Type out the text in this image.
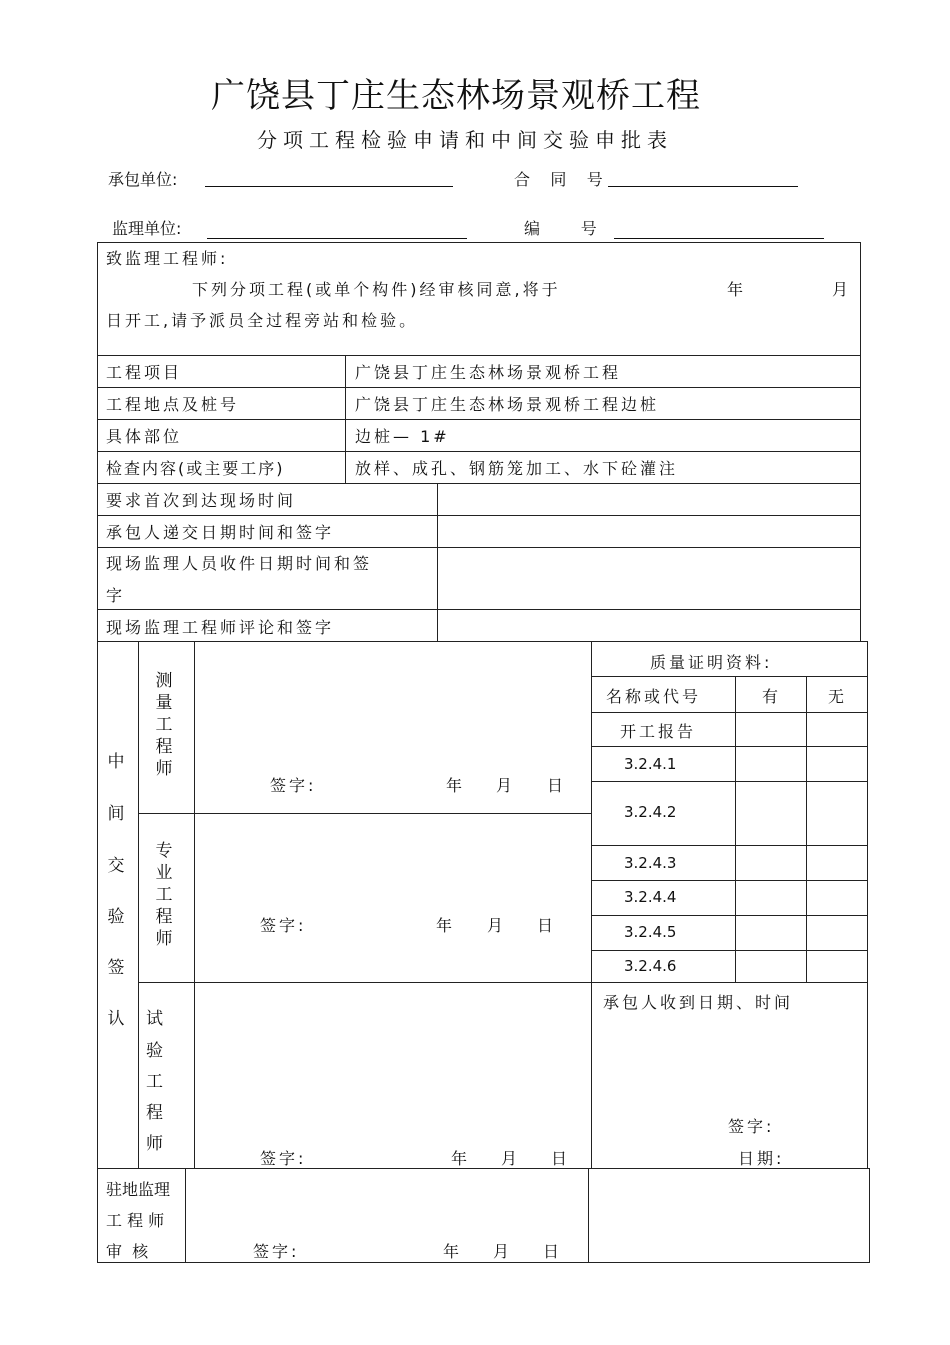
广饶县丁庄生态林场景观桥工程
分项工程检验申请和中间交验申批表
承包单位:	合    同    号
监理单位:	编        号
致监理工程师:
下列分项工程(或单个构件)经审核同意,将于	年	月
日开工,请予派员全过程旁站和检验。
工程项目	广饶县丁庄生态林场景观桥工程
工程地点及桩号	广饶县丁庄生态林场景观桥工程边桩
具体部位	边桩— 1#
检查内容(或主要工序)	放样、成孔、钢筋笼加工、水下砼灌注
要求首次到达现场时间
承包人递交日期时间和签字
现场监理人员收件日期时间和签
字
现场监理工程师评论和签字
中
间
交
验
签
认
测量工程师
签字:	年 月 日
专业工程师
签字:	年 月 日
试
验
工
程
师
签字:	年 月 日
质量证明资料:
名称或代号	有	无
开工报告
3.2.4.1
3.2.4.2
3.2.4.3
3.2.4.4
3.2.4.5
3.2.4.6
承包人收到日期、时间
签字:
日期:
驻地监理
工 程 师
审  核	签字:	年 月 日
